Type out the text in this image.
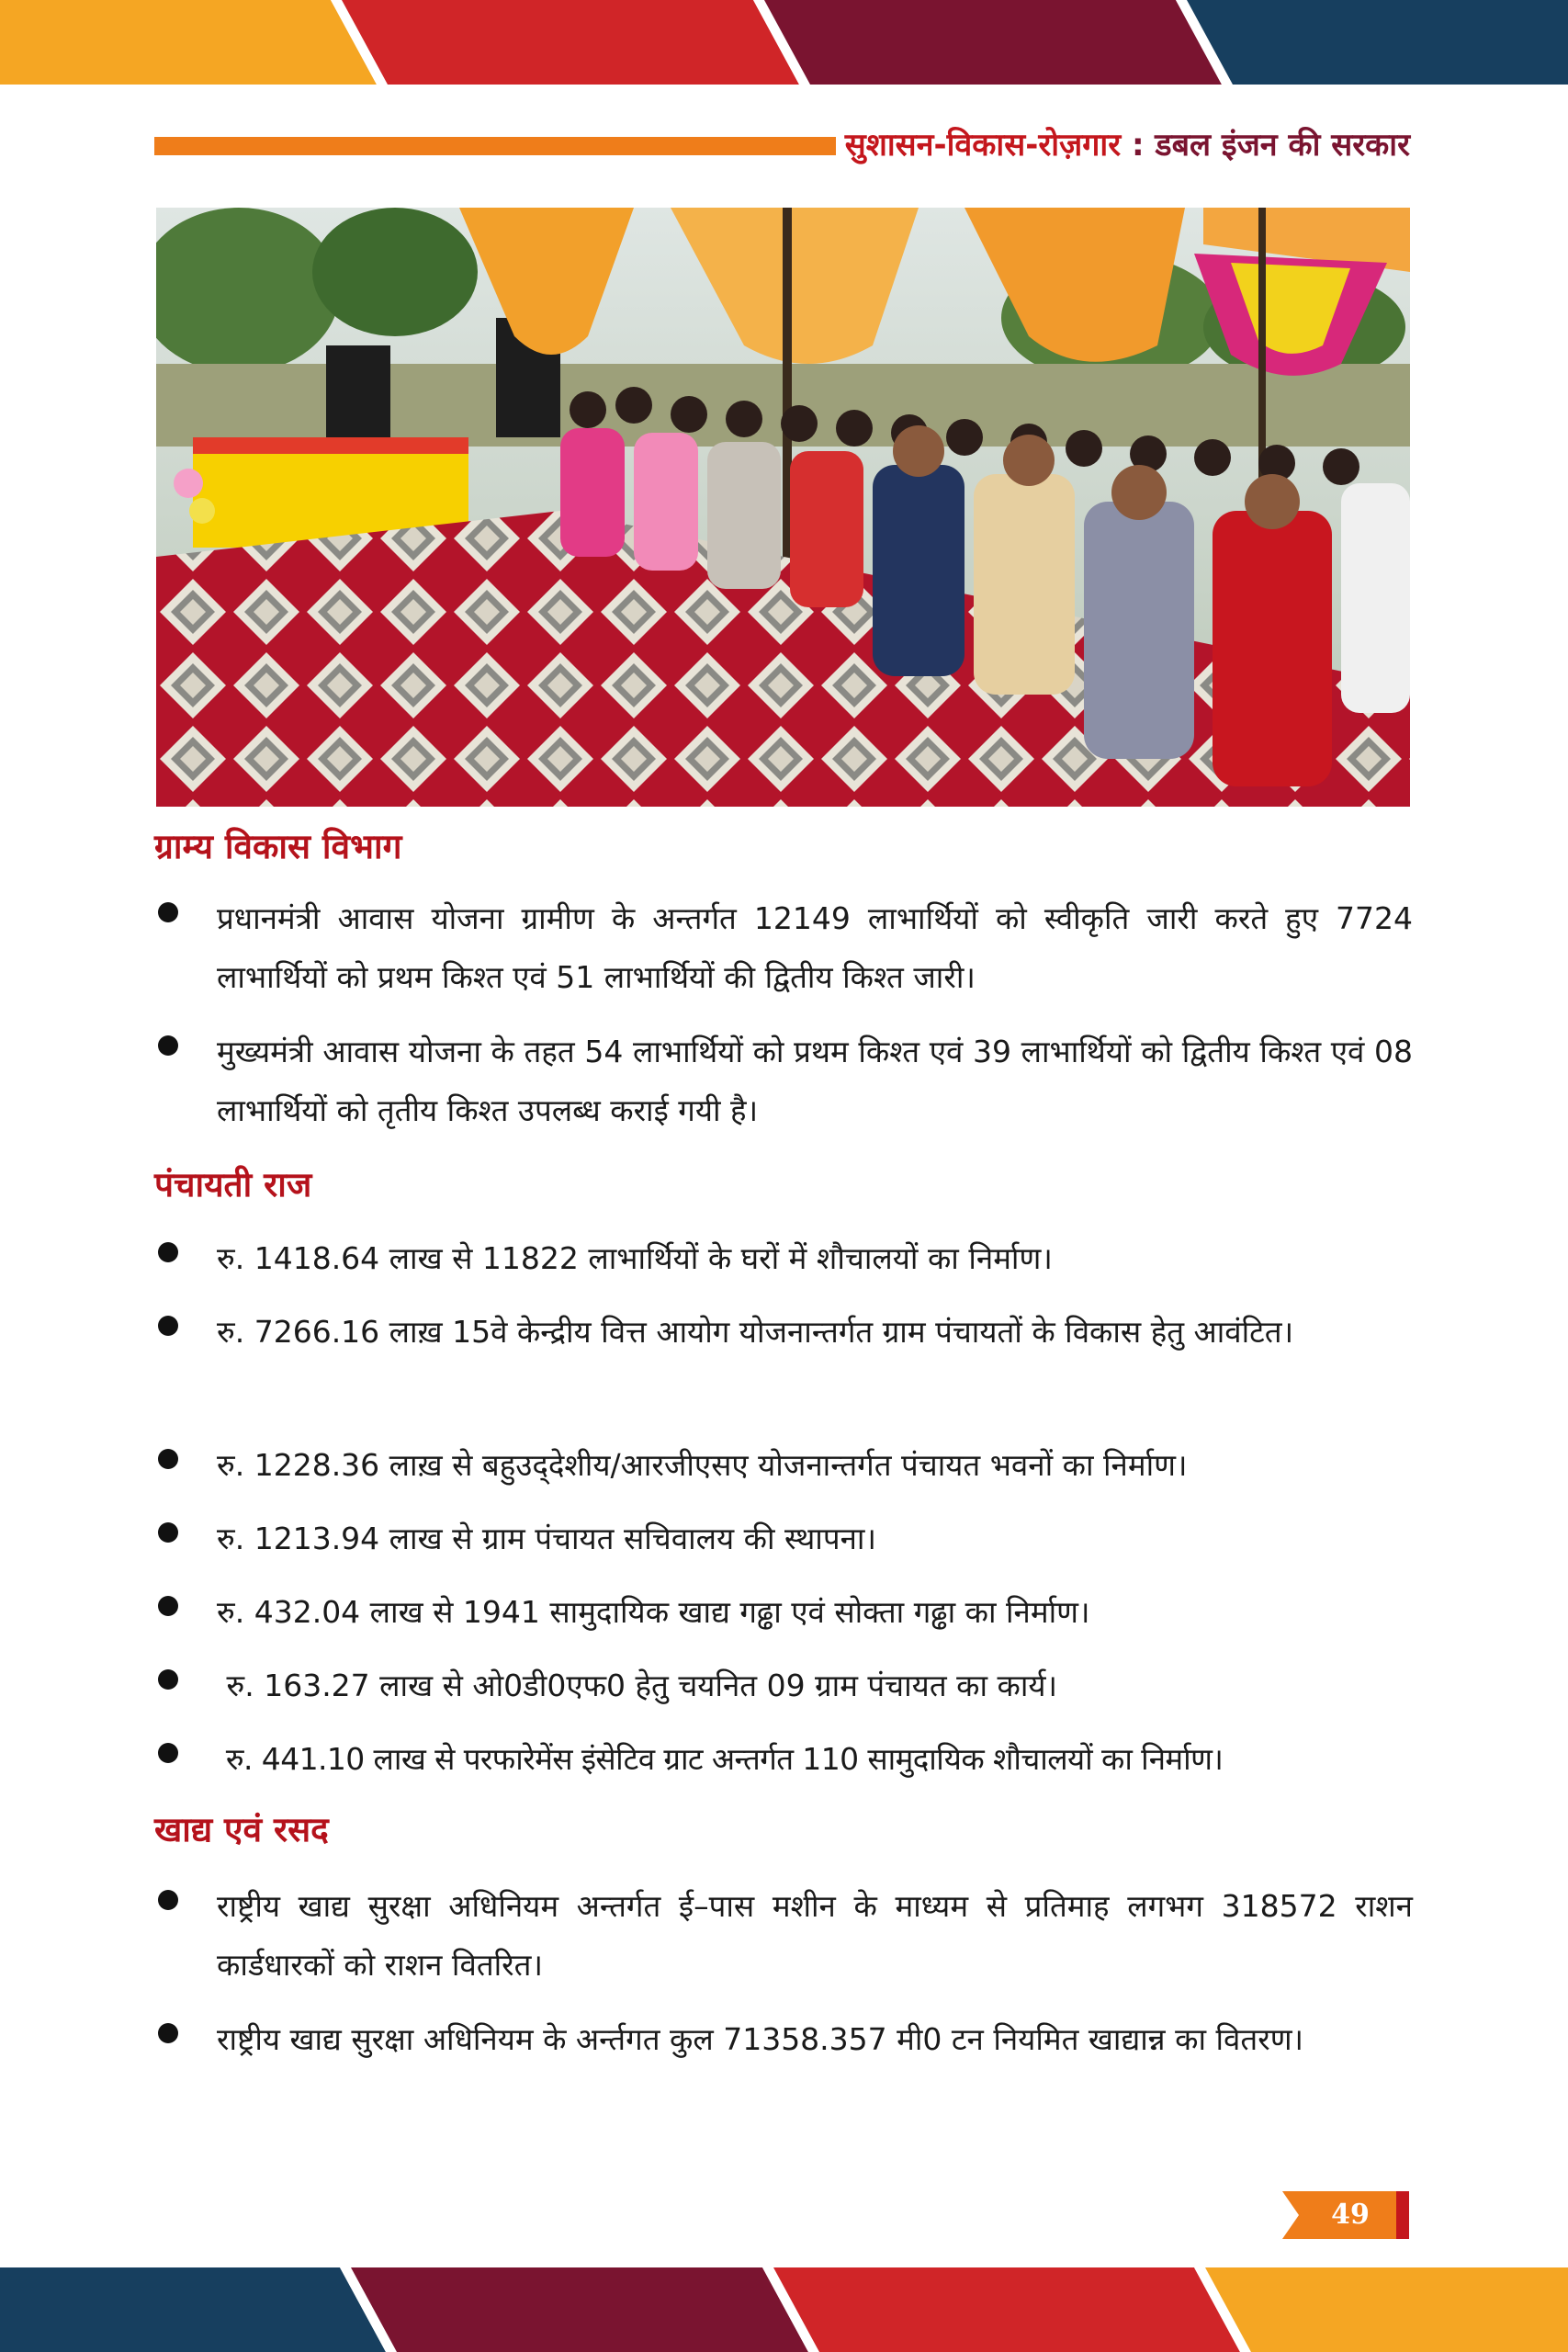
सुशासन-विकास-रोज़गार : डबल इंजन की सरकार
ग्राम्य विकास विभाग
प्रधानमंत्री आवास योजना ग्रामीण के अन्तर्गत 12149 लाभार्थियों को स्वीकृति जारी करते हुए 7724 लाभार्थियों को प्रथम किश्त एवं 51 लाभार्थियों की द्वितीय किश्त जारी।
मुख्यमंत्री आवास योजना के तहत 54 लाभार्थियों को प्रथम किश्त एवं 39 लाभार्थियों को द्वितीय किश्त एवं 08 लाभार्थियों को तृतीय किश्त उपलब्ध कराई गयी है।
पंचायती राज
रु. 1418.64 लाख से 11822 लाभार्थियों के घरों में शौचालयों का निर्माण।
रु. 7266.16 लाख़ 15वे केन्द्रीय वित्त आयोग योजनान्तर्गत ग्राम पंचायतों के विकास हेतु आवंटित।
रु. 1228.36 लाख़ से बहुउद्‌देशीय/आरजीएसए योजनान्तर्गत पंचायत भवनों का निर्माण।
रु. 1213.94 लाख से ग्राम पंचायत सचिवालय की स्थापना।
रु. 432.04 लाख से 1941 सामुदायिक खाद्य गढ्ढा एवं सोक्ता गढ्ढा का निर्माण।
रु. 163.27 लाख से ओ0डी0एफ0 हेतु चयनित 09 ग्राम पंचायत का कार्य।
रु. 441.10 लाख से परफारेमेंस इंसेटिव ग्राट अन्तर्गत 110 सामुदायिक शौचालयों का निर्माण।
खाद्य एवं रसद
राष्ट्रीय खाद्य सुरक्षा अधिनियम अन्तर्गत ई–पास मशीन के माध्यम से प्रतिमाह लगभग 318572 राशन कार्डधारकों को राशन वितरित।
राष्ट्रीय खाद्य सुरक्षा अधिनियम के अर्न्तगत कुल 71358.357 मी0 टन नियमित खाद्यान्न का वितरण।
49
